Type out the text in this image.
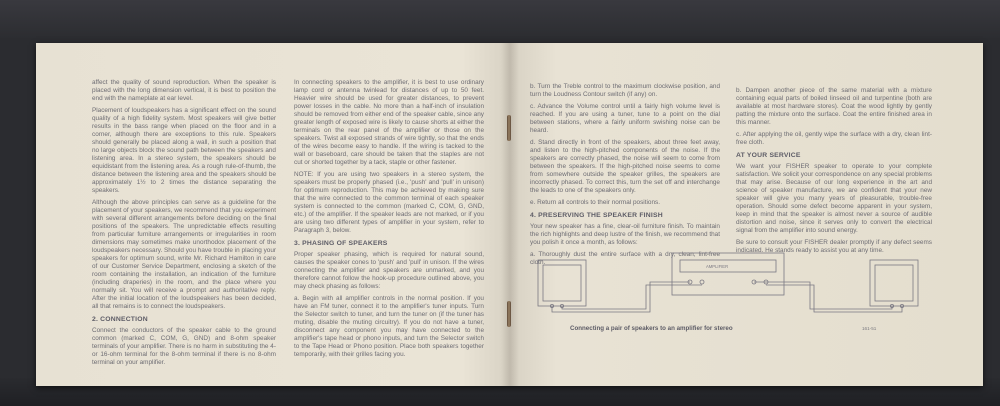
affect the quality of sound reproduction. When the speaker is placed with the long dimension vertical, it is best to position the end with the nameplate at ear level.

Placement of loudspeakers has a significant effect on the sound quality of a high fidelity system. Most speakers will give better results in the bass range when placed on the floor and in a corner, although there are exceptions to this rule. Speakers should generally be placed along a wall, in such a position that no large objects block the sound path between the speakers and listening area. In a stereo system, the speakers should be equidistant from the listening area. As a rough rule-of-thumb, the distance between the listening area and the speakers should be approximately 1½ to 2 times the distance separating the speakers.

Although the above principles can serve as a guideline for the placement of your speakers, we recommend that you experiment with several different arrangements before deciding on the final positions of the speakers. The unpredictable effects resulting from particular furniture arrangements or irregularities in room dimensions may sometimes make unorthodox placement of the loudspeakers necessary. Should you have trouble in placing your speakers for optimum sound, write Mr. Richard Hamilton in care of our Customer Service Department, enclosing a sketch of the room containing the installation, an indication of the furniture (including draperies) in the room, and the place where you normally sit. You will receive a prompt and authoritative reply. After the initial location of the loudspeakers has been decided, all that remains is to connect the loudspeakers.

2. CONNECTION

Connect the conductors of the speaker cable to the ground common (marked C, COM, G, GND) and 8-ohm speaker terminals of your amplifier. There is no harm in substituting the 4- or 16-ohm terminal for the 8-ohm terminal if there is no 8-ohm terminal on your amplifier.

In connecting speakers to the amplifier, it is best to use ordinary lamp cord or antenna twinlead for distances of up to 50 feet. Heavier wire should be used for greater distances, to prevent power losses in the cable. No more than a half-inch of insulation should be removed from either end of the speaker cable, since any greater length of exposed wire is likely to cause shorts at either the terminals on the rear panel of the amplifier or those on the speakers. Twist all exposed strands of wire tightly, so that the ends of the wires become easy to handle. If the wiring is tacked to the wall or baseboard, care should be taken that the staples are not cut or shorted together by a tack, staple or other fastener.

NOTE: If you are using two speakers in a stereo system, the speakers must be properly phased (i.e., 'push' and 'pull' in unison) for optimum reproduction. This may be achieved by making sure that the wire connected to the common terminal of each speaker system is connected to the common (marked C, COM, G, GND, etc.) of the amplifier. If the speaker leads are not marked, or if you are using two different types of amplifier in your system, refer to Paragraph 3, below.

3. PHASING OF SPEAKERS

Proper speaker phasing, which is required for natural sound, causes the speaker cones to 'push' and 'pull' in unison. If the wires connecting the amplifier and speakers are unmarked, and you therefore cannot follow the hook-up procedure outlined above, you may check phasing as follows:

a. Begin with all amplifier controls in the normal position. If you have an FM tuner, connect it to the amplifier's tuner inputs. Turn the Selector switch to tuner, and turn the tuner on (if the tuner has muting, disable the muting circuitry). If you do not have a tuner, disconnect any component you may have connected to the amplifier's tape head or phono inputs, and turn the Selector switch to the Tape Head or Phono position. Place both speakers together temporarily, with their grilles facing you.

b. Turn the Treble control to the maximum clockwise position, and turn the Loudness Contour switch (if any) on.

c. Advance the Volume control until a fairly high volume level is reached. If you are using a tuner, tune to a point on the dial between stations, where a fairly uniform swishing noise can be heard.

d. Stand directly in front of the speakers, about three feet away, and listen to the high-pitched components of the noise. If the speakers are correctly phased, the noise will seem to come from between the speakers. If the high-pitched noise seems to come from somewhere outside the speaker grilles, the speakers are incorrectly phased. To correct this, turn the set off and interchange the leads to one of the speakers only.

e. Return all controls to their normal positions.

4. PRESERVING THE SPEAKER FINISH

Your new speaker has a fine, clear-oil furniture finish. To maintain the rich highlights and deep lustre of the finish, we recommend that you polish it once a month, as follows:

a. Thoroughly dust the entire surface with a dry, clean, lint-free cloth.

b. Dampen another piece of the same material with a mixture containing equal parts of boiled linseed oil and turpentine (both are available at most hardware stores). Coat the wood lightly by gently patting the mixture onto the surface. Coat the entire finished area in this manner.

c. After applying the oil, gently wipe the surface with a dry, clean lint-free cloth.

AT YOUR SERVICE

We want your FISHER speaker to operate to your complete satisfaction. We solicit your correspondence on any special problems that may arise. Because of our long experience in the art and science of speaker manufacture, we are confident that your new speaker will give you many years of pleasurable, trouble-free operation. Should some defect become apparent in your system, keep in mind that the speaker is almost never a source of audible distortion and noise, since it serves only to convert the electrical signal from the amplifier into sound energy.

Be sure to consult your FISHER dealer promptly if any defect seems indicated. He stands ready to assist you at any time.

AMPLIFIER
Connecting a pair of speakers to an amplifier for stereo	161-51
